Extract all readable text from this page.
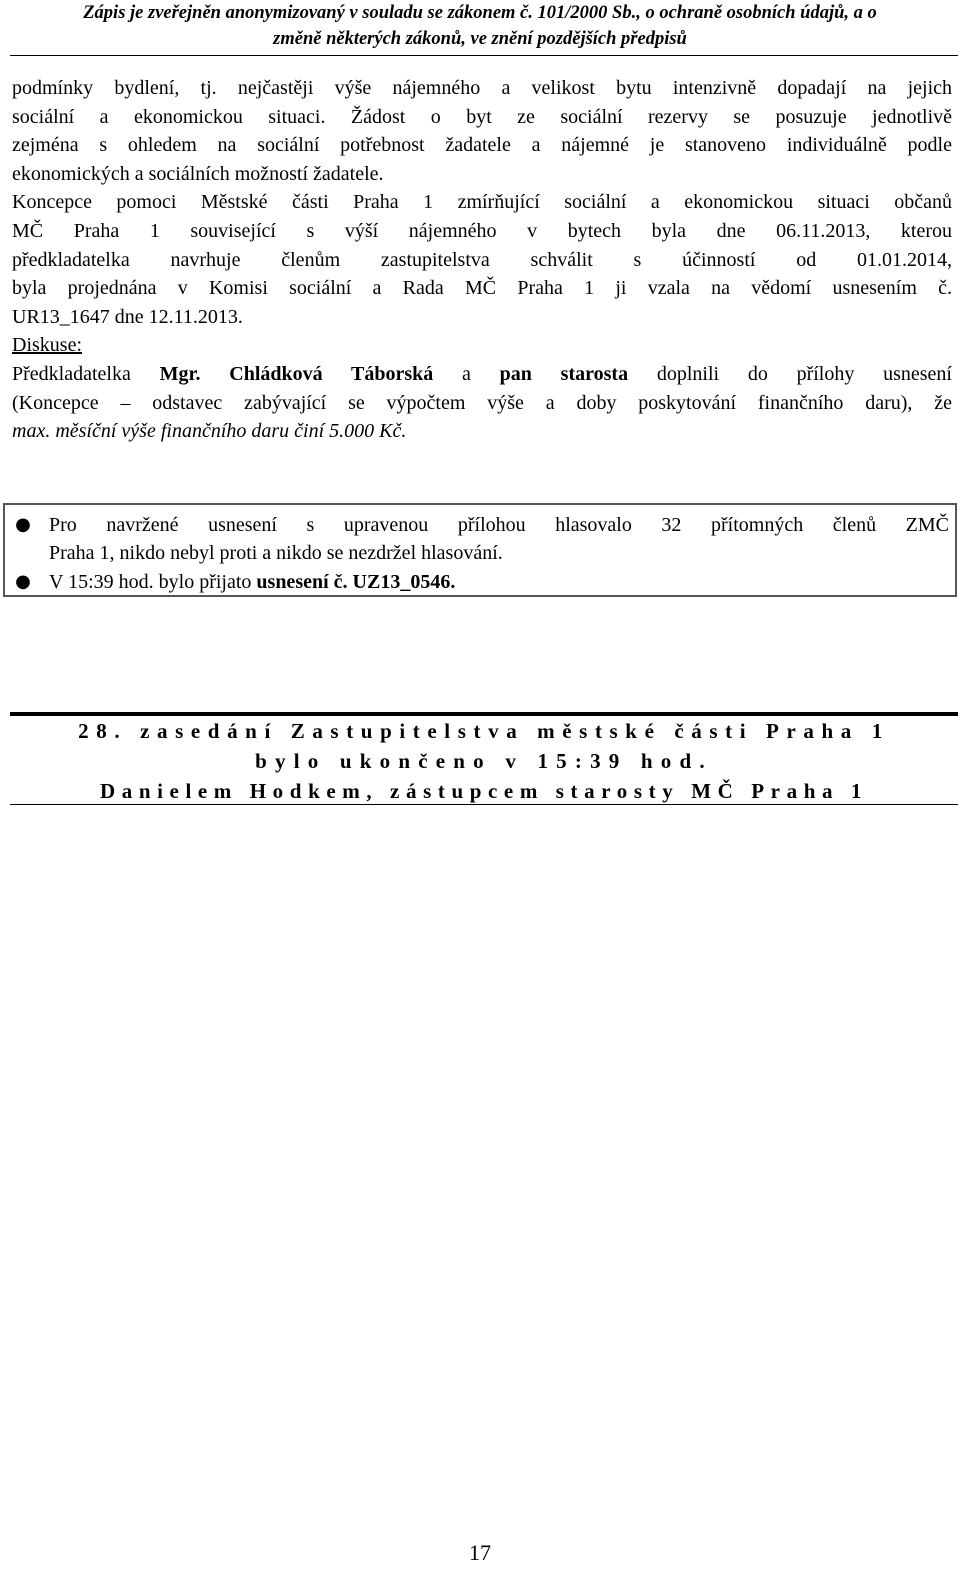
Zápis je zveřejněn anonymizovaný v souladu se zákonem č. 101/2000 Sb., o ochraně osobních údajů, a o
změně některých zákonů, ve znění pozdějších předpisů
podmínky bydlení, tj. nejčastěji výše nájemného a velikost bytu intenzivně dopadají na jejich
sociální a ekonomickou situaci. Žádost o byt ze sociální rezervy se posuzuje jednotlivě
zejména s ohledem na sociální potřebnost žadatele a nájemné je stanoveno individuálně podle
ekonomických a sociálních možností žadatele.
Koncepce pomoci Městské části Praha 1 zmírňující sociální a ekonomickou situaci občanů
MČ Praha 1 související s výší nájemného v bytech byla dne 06.11.2013, kterou
předkladatelka navrhuje členům zastupitelstva schválit s účinností od 01.01.2014,
byla projednána v Komisi sociální a Rada MČ Praha 1 ji vzala na vědomí usnesením č.
UR13_1647 dne 12.11.2013.
Diskuse:
Předkladatelka Mgr. Chládková Táborská a pan starosta doplnili do přílohy usnesení
(Koncepce – odstavec zabývající se výpočtem výše a doby poskytování finančního daru), že
max. měsíční výše finančního daru činí 5.000 Kč.
● Pro navržené usnesení s upravenou přílohou hlasovalo 32 přítomných členů ZMČ
Praha 1, nikdo nebyl proti a nikdo se nezdržel hlasování.
● V 15:39 hod. bylo přijato usnesení č. UZ13_0546.
28. zasedání Zastupitelstva městské části Praha 1
bylo ukončeno v 15:39 hod.
Danielem Hodkem, zástupcem starosty MČ Praha 1
17
